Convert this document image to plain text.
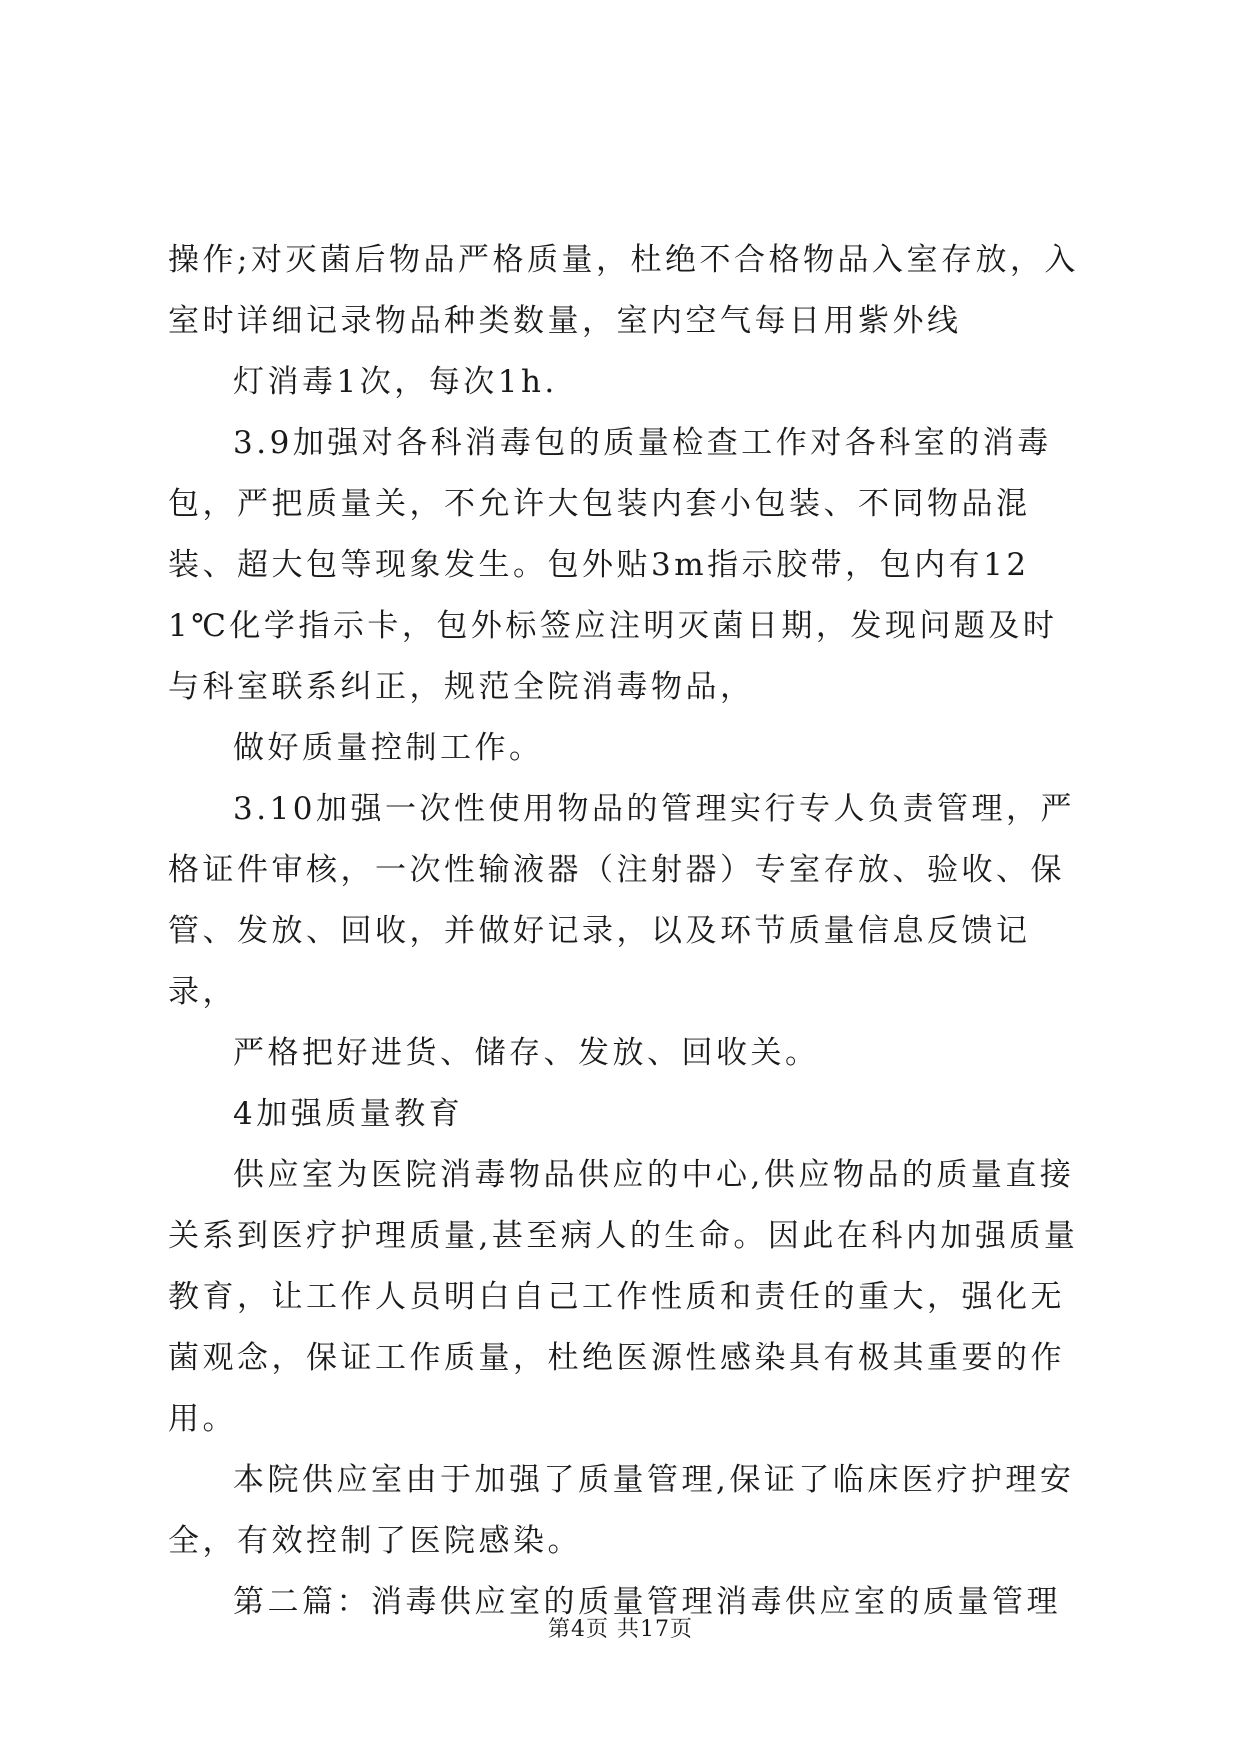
操作;对灭菌后物品严格质量，杜绝不合格物品入室存放，入室时详细记录物品种类数量，室内空气每日用紫外线

灯消毒1次，每次1h.

3.9加强对各科消毒包的质量检查工作对各科室的消毒包，严把质量关，不允许大包装内套小包装、不同物品混装、超大包等现象发生。包外贴3m指示胶带，包内有121℃化学指示卡，包外标签应注明灭菌日期，发现问题及时与科室联系纠正，规范全院消毒物品，

做好质量控制工作。

3.10加强一次性使用物品的管理实行专人负责管理，严格证件审核，一次性输液器（注射器）专室存放、验收、保管、发放、回收，并做好记录，以及环节质量信息反馈记录，

严格把好进货、储存、发放、回收关。

4加强质量教育

供应室为医院消毒物品供应的中心,供应物品的质量直接关系到医疗护理质量,甚至病人的生命。因此在科内加强质量教育，让工作人员明白自己工作性质和责任的重大，强化无菌观念，保证工作质量，杜绝医源性感染具有极其重要的作用。

本院供应室由于加强了质量管理,保证了临床医疗护理安全，有效控制了医院感染。

第二篇：消毒供应室的质量管理消毒供应室的质量管理

第4页 共17页
